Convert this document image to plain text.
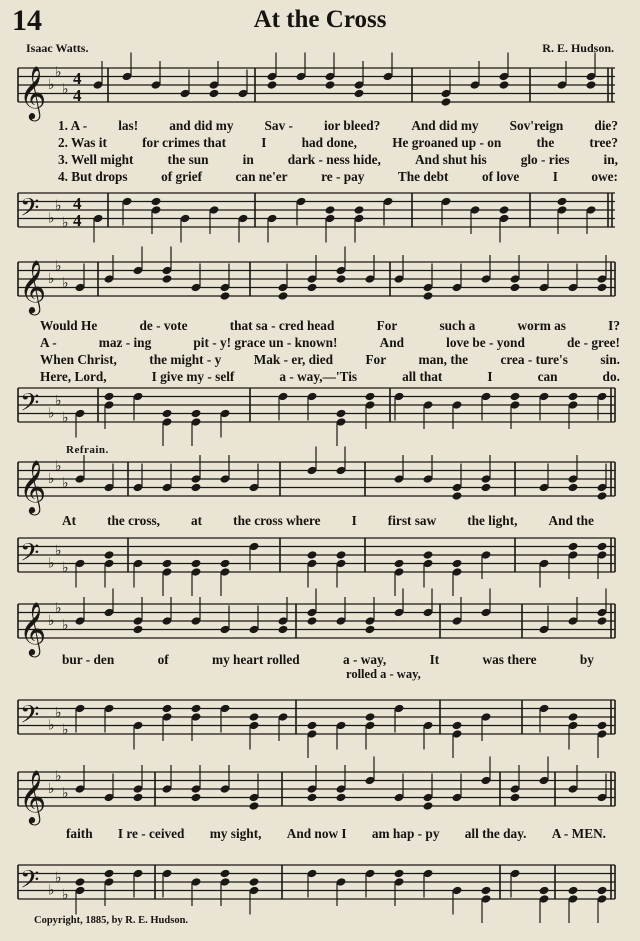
14	At the Cross
Isaac Watts.	R. E. Hudson.
𝄞 ♭
♭
♭
4
4
𝄢 ♭
♭
♭
4
4
𝄞 ♭
♭
♭
𝄢 ♭
♭
♭
𝄞 ♭
♭
♭
𝄢 ♭
♭
♭
𝄞 ♭
♭
♭
𝄢 ♭
♭
♭
𝄞 ♭
♭
♭
𝄢 ♭
♭
♭
1. A - las! and did my Sav - ior bleed? And did my Sov'reign die?
2. Was it	for crimes that	I	had done,	He groaned up - on	the	tree?
3. Well might	the sun	in	dark - ness hide,	And shut his	glo - ries	in,
4. But drops	of grief	can ne'er	re - pay	The debt	of love	I	owe:
Would He	de - vote	that sa - cred head	For	such a	worm as	I?
A -	maz - ing	pit - y! grace un - known!	And	love be - yond	de - gree!
When Christ, the might - y Mak - er, died For man, the crea - ture's sin.
Here, Lord,	I give my - self	a - way,—'Tis	all that	I	can	do.
Refrain.
At the cross, at the cross where I first saw the light, And the
bur - den	of	my heart rolled	a - way,	It	was there	by
rolled a - way,
faith I re - ceived my sight, And now I am hap - py all the day. A - MEN.
Copyright, 1885, by R. E. Hudson.
